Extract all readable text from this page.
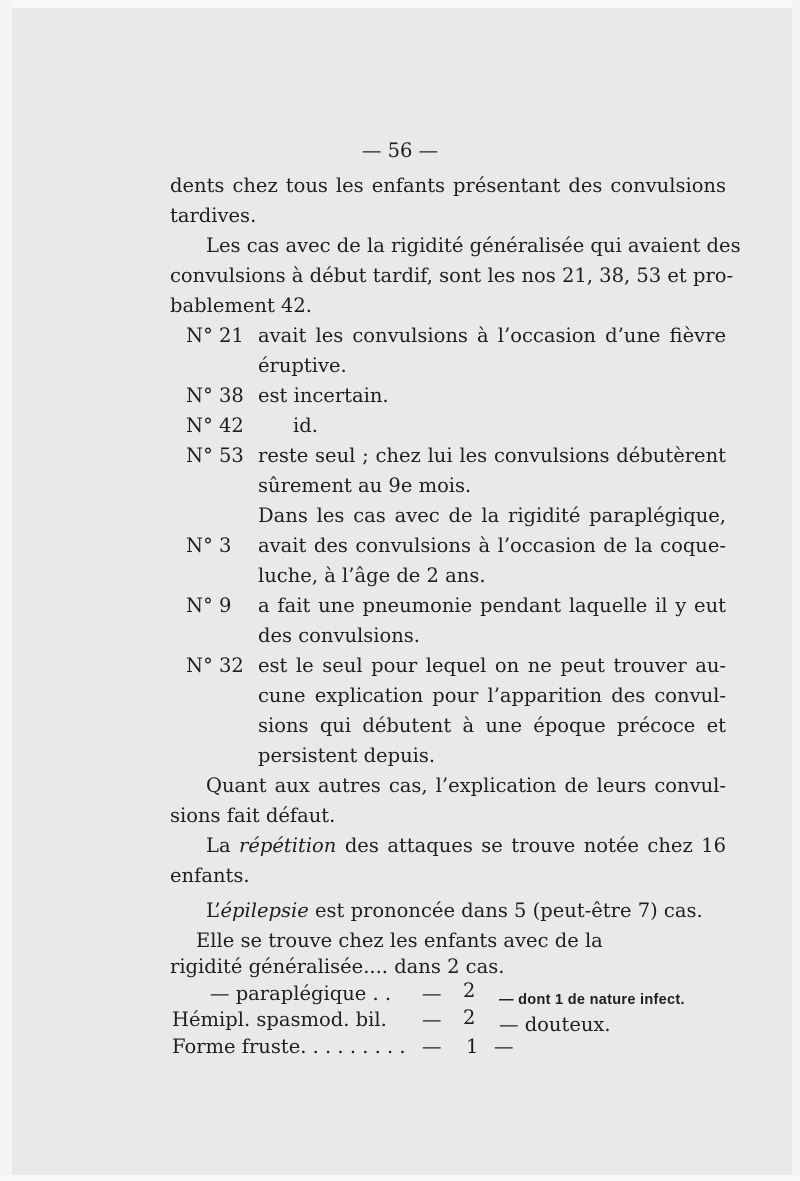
— 56 —
dents chez tous les enfants présentant des convulsions
tardives.
Les cas avec de la rigidité généralisée qui avaient des
convulsions à début tardif, sont les nos 21, 38, 53 et pro-
bablement 42.
N° 21 avait les convulsions à l’occasion d’une fièvre
éruptive.
N° 38 est incertain.
N° 42	id.
N° 53 reste seul ; chez lui les convulsions débutèrent
sûrement au 9e mois.
Dans les cas avec de la rigidité paraplégique,
N° 3 avait des convulsions à l’occasion de la coque-
luche, à l’âge de 2 ans.
N° 9 a fait une pneumonie pendant laquelle il y eut
des convulsions.
N° 32 est le seul pour lequel on ne peut trouver au-
cune explication pour l’apparition des convul-
sions qui débutent à une époque précoce et
persistent depuis.
Quant aux autres cas, l’explication de leurs convul-
sions fait défaut.
La répétition des attaques se trouve notée chez 16
enfants.
L’épilepsie est prononcée dans 5 (peut-être 7) cas.
Elle se trouve chez les enfants avec de la
rigidité généralisée.... dans 2 cas.
— paraplégique . . — 2 — dont 1 de nature infect.
Hémipl. spasmod. bil. — 2 — douteux.
Forme fruste. . . . . . . . . — 1 —
